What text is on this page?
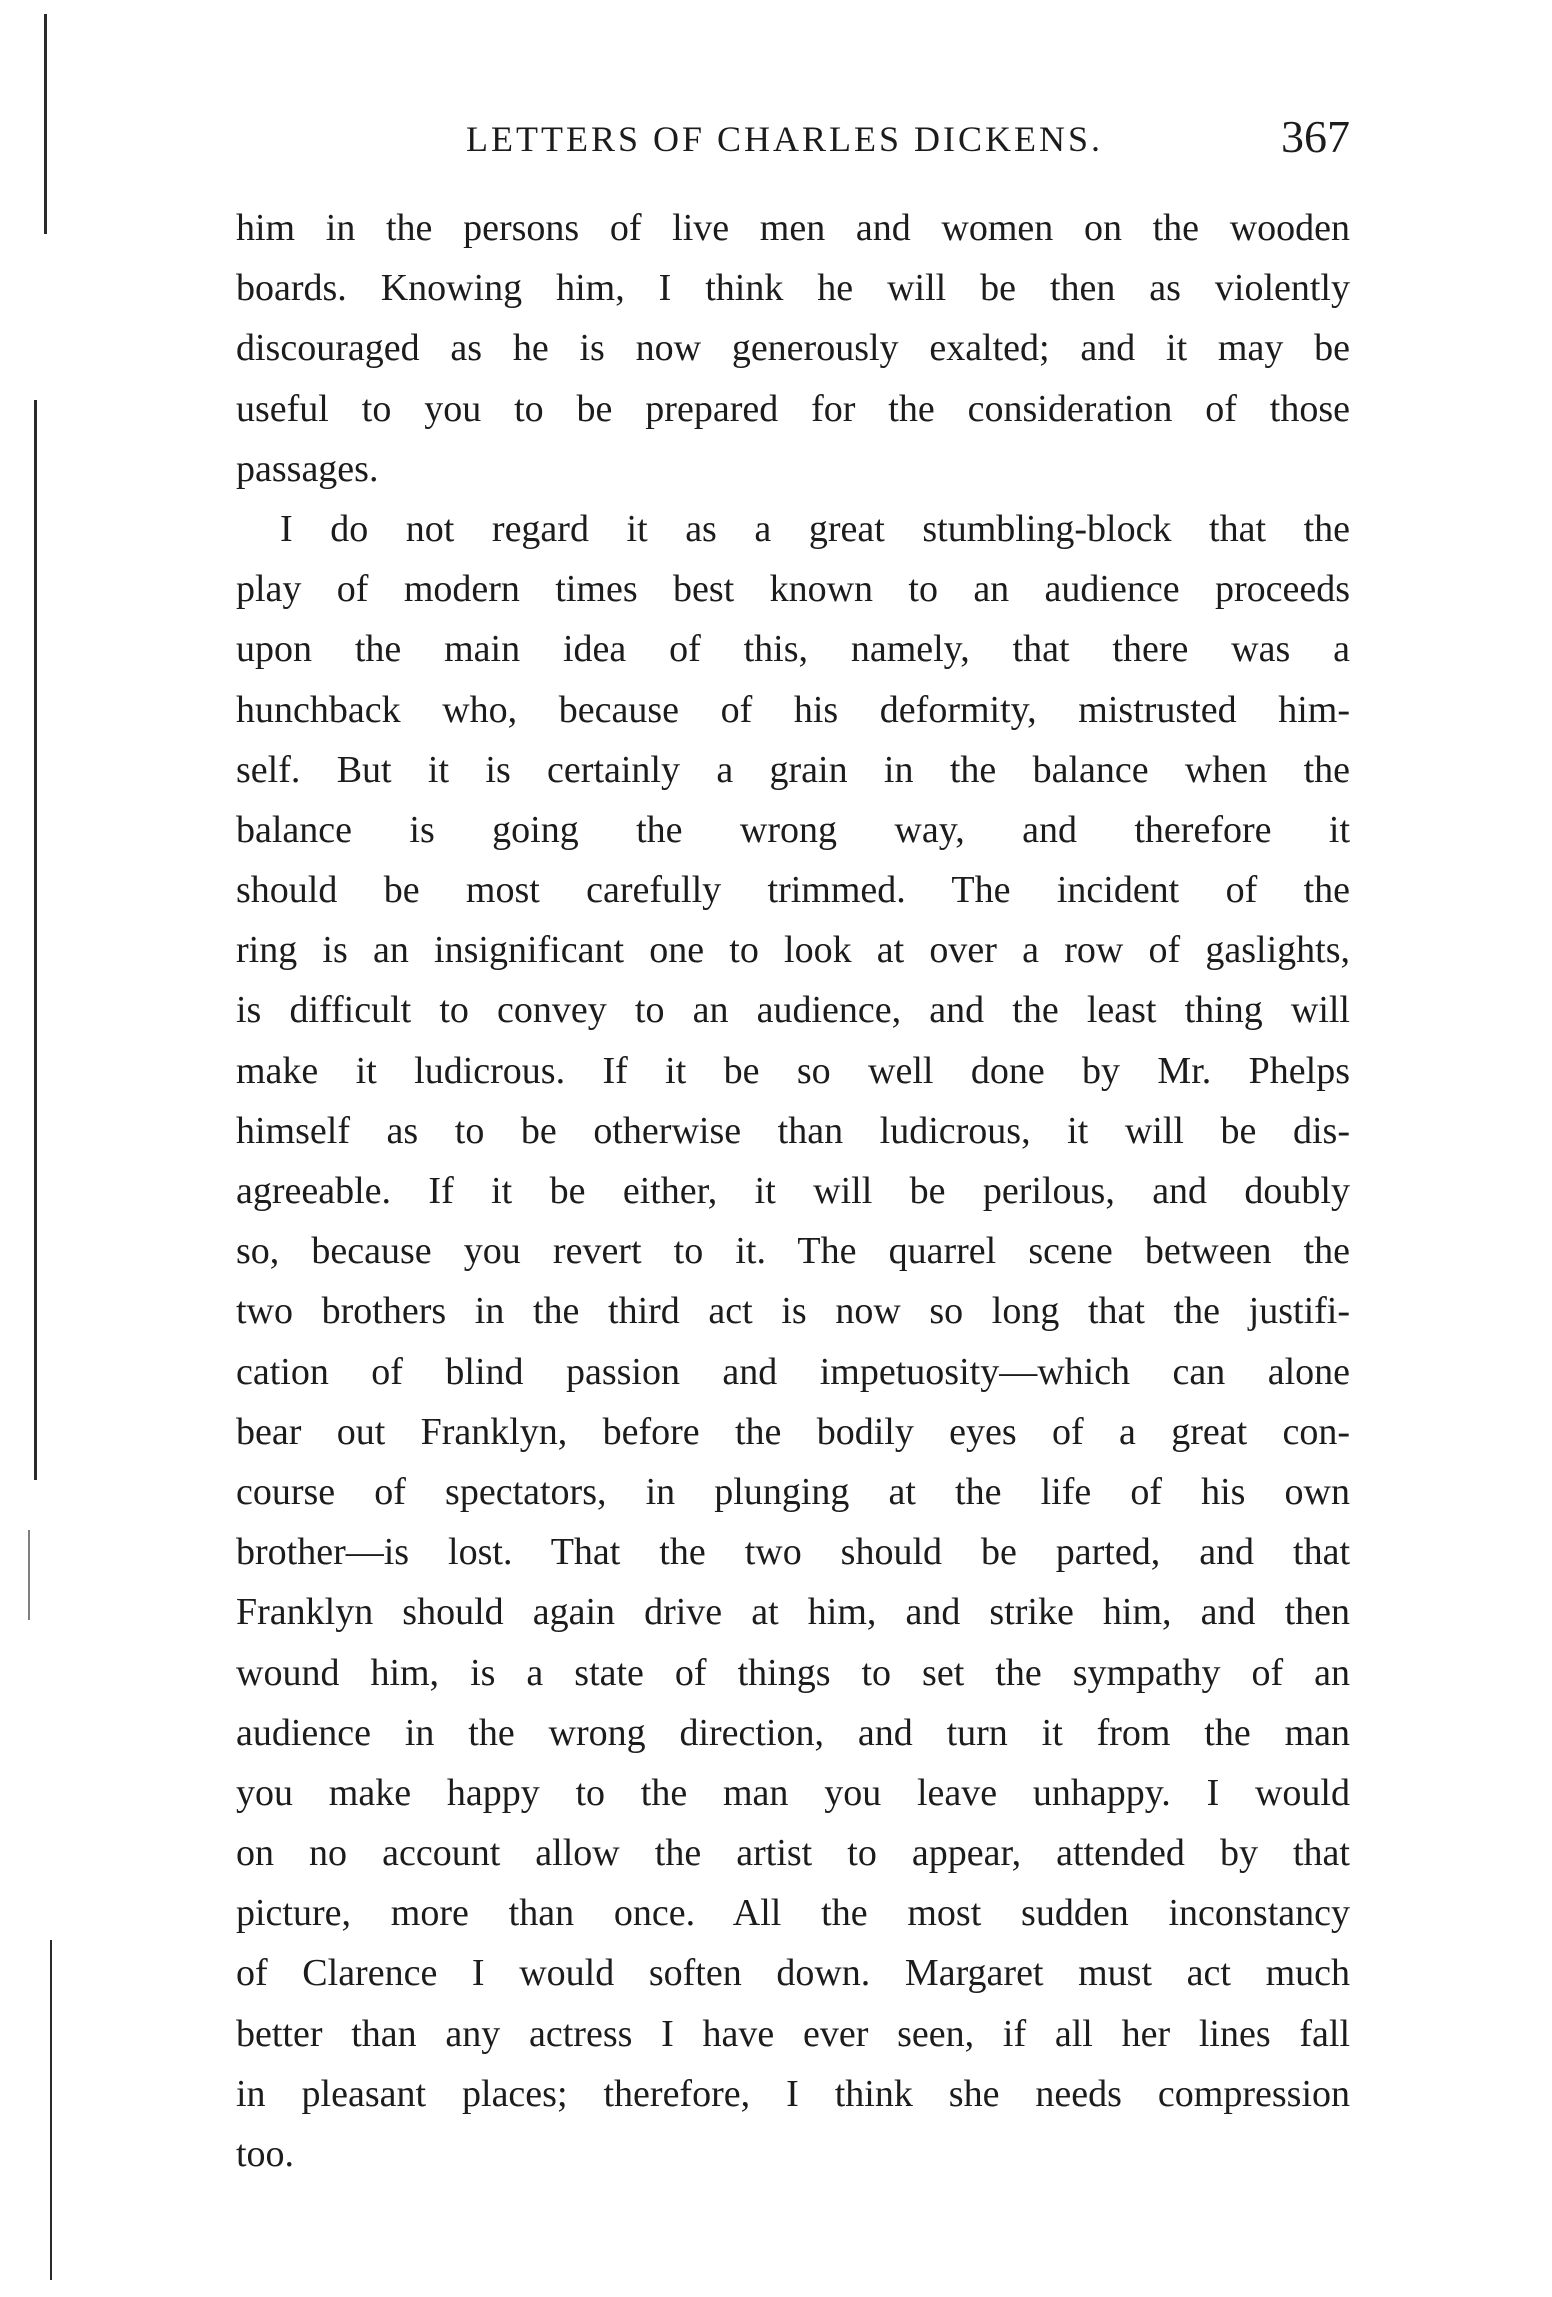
LETTERS OF CHARLES DICKENS.	367
him in the persons of live men and women on the wooden
boards. Knowing him, I think he will be then as violently
discouraged as he is now generously exalted; and it may be
useful to you to be prepared for the consideration of those
passages.
I do not regard it as a great stumbling-block that the
play of modern times best known to an audience proceeds
upon the main idea of this, namely, that there was a
hunchback who, because of his deformity, mistrusted him-
self. But it is certainly a grain in the balance when the
balance is going the wrong way, and therefore it
should be most carefully trimmed. The incident of the
ring is an insignificant one to look at over a row of gaslights,
is difficult to convey to an audience, and the least thing will
make it ludicrous. If it be so well done by Mr. Phelps
himself as to be otherwise than ludicrous, it will be dis-
agreeable. If it be either, it will be perilous, and doubly
so, because you revert to it. The quarrel scene between the
two brothers in the third act is now so long that the justifi-
cation of blind passion and impetuosity—which can alone
bear out Franklyn, before the bodily eyes of a great con-
course of spectators, in plunging at the life of his own
brother—is lost. That the two should be parted, and that
Franklyn should again drive at him, and strike him, and then
wound him, is a state of things to set the sympathy of an
audience in the wrong direction, and turn it from the man
you make happy to the man you leave unhappy. I would
on no account allow the artist to appear, attended by that
picture, more than once. All the most sudden inconstancy
of Clarence I would soften down. Margaret must act much
better than any actress I have ever seen, if all her lines fall
in pleasant places; therefore, I think she needs compression
too.
